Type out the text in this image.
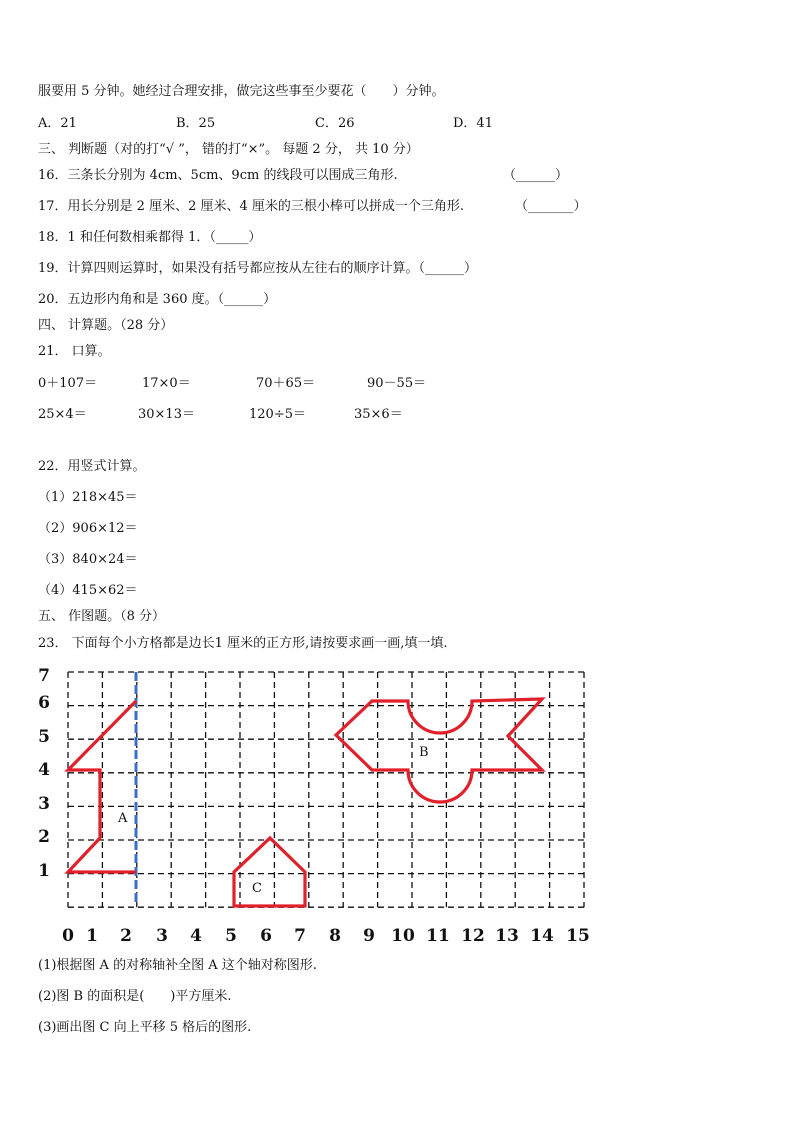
服要用 5 分钟。她经过合理安排，做完这些事至少要花（　　）分钟。
A．21	B．25	C．26	D．41
三、 判断题（对的打“√ ”， 错的打“×”。 每题 2 分， 共 10 分）
16．三条长分别为 4cm、5cm、9cm 的线段可以围成三角形.	（______）
17．用长分别是 2 厘米、2 厘米、4 厘米的三根小棒可以拼成一个三角形.	（_______）
18．1 和任何数相乘都得 1．（_____）
19．计算四则运算时，如果没有括号都应按从左往右的顺序计算。（______）
20．五边形内角和是 360 度。（______）
四、 计算题。（28 分）
21． 口算。
0＋107＝	17×0＝	70＋65＝	90－55＝
25×4＝	30×13＝	120÷5＝	35×6＝
22．用竖式计算。
（1）218×45＝
（2）906×12＝
（3）840×24＝
（4）415×62＝
五、 作图题。（8 分）
23． 下面每个小方格都是边长1 厘米的正方形,请按要求画一画,填一填.
1
2
3
4
5
6
7
0 1 2 3 4 5 6 7 8 9 10 11 12 13 14 15
A
B
C
(1)根据图 A 的对称轴补全图 A 这个轴对称图形.
(2)图 B 的面积是(　　)平方厘米.
(3)画出图 C 向上平移 5 格后的图形.
